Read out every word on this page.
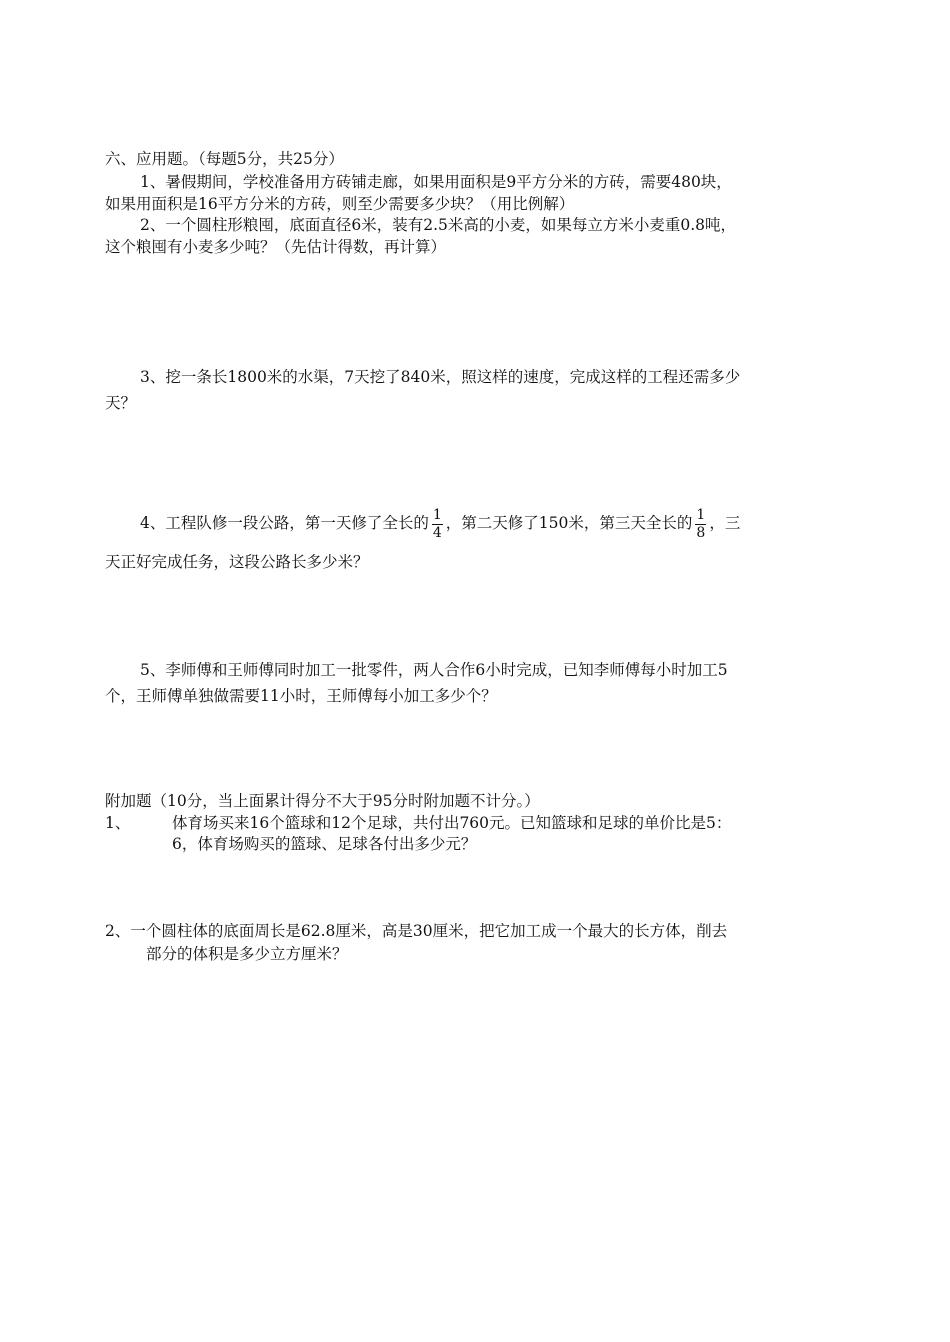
六、应用题。（每题5分，共25分）
1、暑假期间，学校准备用方砖铺走廊，如果用面积是9平方分米的方砖，需要480块，
如果用面积是16平方分米的方砖，则至少需要多少块？（用比例解）
2、一个圆柱形粮囤，底面直径6米，装有2.5米高的小麦，如果每立方米小麦重0.8吨，
这个粮囤有小麦多少吨？（先估计得数，再计算）
3、挖一条长1800米的水渠，7天挖了840米，照这样的速度，完成这样的工程还需多少
天？
4、工程队修一段公路，第一天修了全长的 $\frac{1}{4}$ ，第二天修了150米，第三天全长的 $\frac{1}{8}$ ，三
天正好完成任务，这段公路长多少米？
5、李师傅和王师傅同时加工一批零件，两人合作6小时完成，已知李师傅每小时加工5
个，王师傅单独做需要11小时，王师傅每小加工多少个？
附加题（10分，当上面累计得分不大于95分时附加题不计分。）
1、	体育场买来16个篮球和12个足球，共付出760元。已知篮球和足球的单价比是5：
6，体育场购买的篮球、足球各付出多少元？
2、一个圆柱体的底面周长是62.8厘米，高是30厘米，把它加工成一个最大的长方体，削去
部分的体积是多少立方厘米？
